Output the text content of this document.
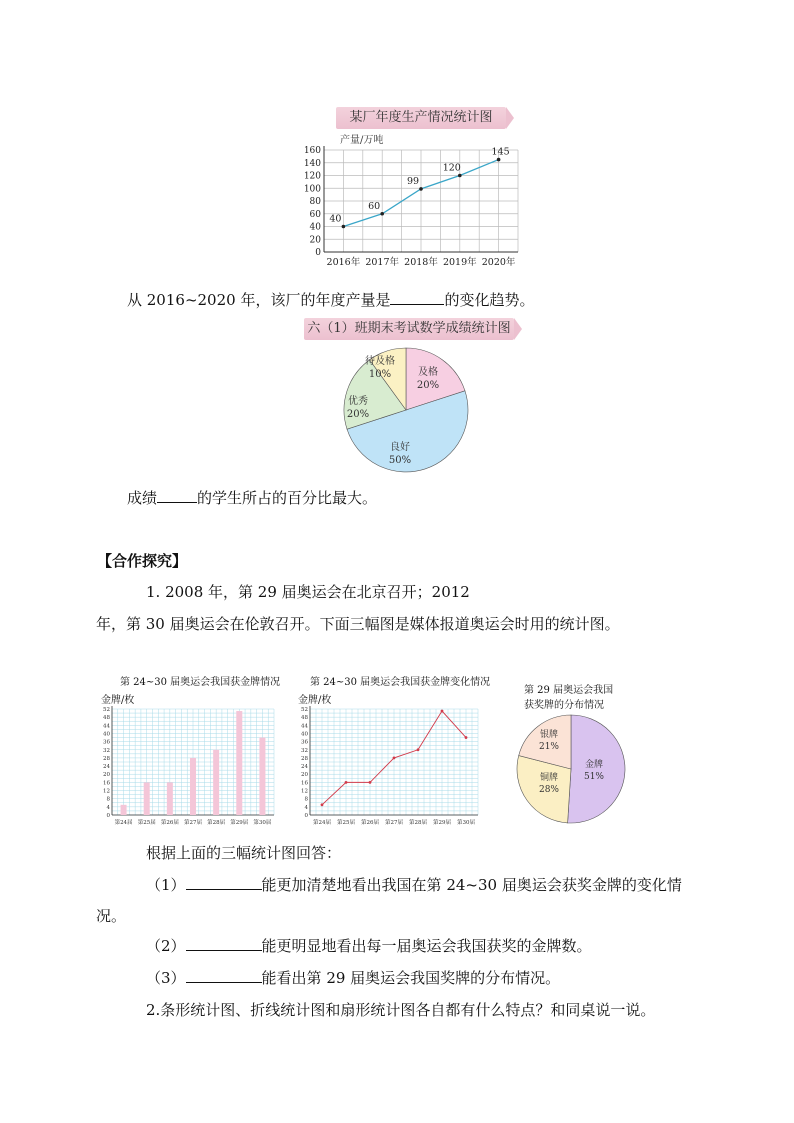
某厂年度生产情况统计图
产量/万吨
0
20
40
60
80
100
120
140
160
40
2016年
60
2017年
99
2018年
120
2019年
145
2020年
从 2016~2020 年，该厂的年度产量是	的变化趋势。
六（1）班期末考试数学成绩统计图
及格
20%
良好
50%
优秀
20%
待及格
10%
成绩	的学生所占的百分比最大。
【合作探究】
1. 2008 年，第 29 届奥运会在北京召开；2012
年，第 30 届奥运会在伦敦召开。下面三幅图是媒体报道奥运会时用的统计图。
第 24~30 届奥运会我国获金牌情况
金牌/枚
0
4
8
12
16
20
24
28
32
36
40
44
48
52
第24届 第25届 第26届 第27届 第28届 第29届 第30届
第 24~30 届奥运会我国获金牌变化情况
金牌/枚
0
4
8
12
16
20
24
28
32
36
40
44
48
52
第24届 第25届 第26届 第27届 第28届 第29届 第30届
第 29 届奥运会我国
获奖牌的分布情况
金牌
51%
铜牌
28%
银牌
21%
根据上面的三幅统计图回答：
（1）	能更加清楚地看出我国在第 24~30 届奥运会获奖金牌的变化情
况。
（2）	能更明显地看出每一届奥运会我国获奖的金牌数。
（3）	能看出第 29 届奥运会我国奖牌的分布情况。
2.条形统计图、折线统计图和扇形统计图各自都有什么特点？和同桌说一说。
